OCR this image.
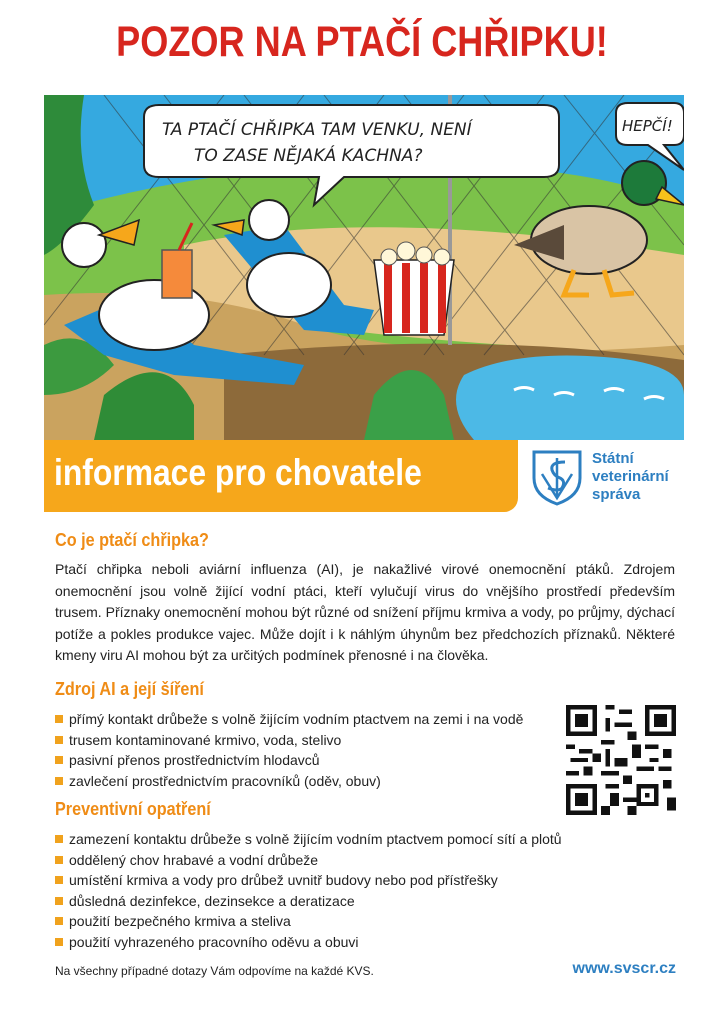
POZOR NA PTAČÍ CHŘIPKU!
TA PTAČÍ CHŘIPKA TAM VENKU, NENÍ
TO ZASE NĚJAKÁ KACHNA?
HEPČÍ!
informace pro chovatele	Státní
veterinární
správa
Co je ptačí chřipka?
Ptačí chřipka neboli aviární influenza (AI), je nakažlivé virové onemocnění ptáků. Zdrojem onemocnění jsou volně žijící vodní ptáci, kteří vylučují virus do vnějšího prostředí především trusem. Příznaky onemocnění mohou být různé od snížení příjmu krmiva a vody, po průjmy, dýchací potíže a pokles produkce vajec. Může dojít i k náhlým úhynům bez předchozích příznaků. Některé kmeny viru AI mohou být za určitých podmínek přenosné i na člověka.
Zdroj AI a její šíření
přímý kontakt drůbeže s volně žijícím vodním ptactvem na zemi i na vodě
trusem kontaminované krmivo, voda, stelivo
pasivní přenos prostřednictvím hlodavců
zavlečení prostřednictvím pracovníků (oděv, obuv)
Preventivní opatření
zamezení kontaktu drůbeže s volně žijícím vodním ptactvem pomocí sítí a plotů
oddělený chov hrabavé a vodní drůbeže
umístění krmiva a vody pro drůbež uvnitř budovy nebo pod přístřešky
důsledná dezinfekce, dezinsekce a deratizace
použití bezpečného krmiva a steliva
použití vyhrazeného pracovního oděvu a obuvi
Na všechny případné dotazy Vám odpovíme na každé KVS.	www.svscr.cz
